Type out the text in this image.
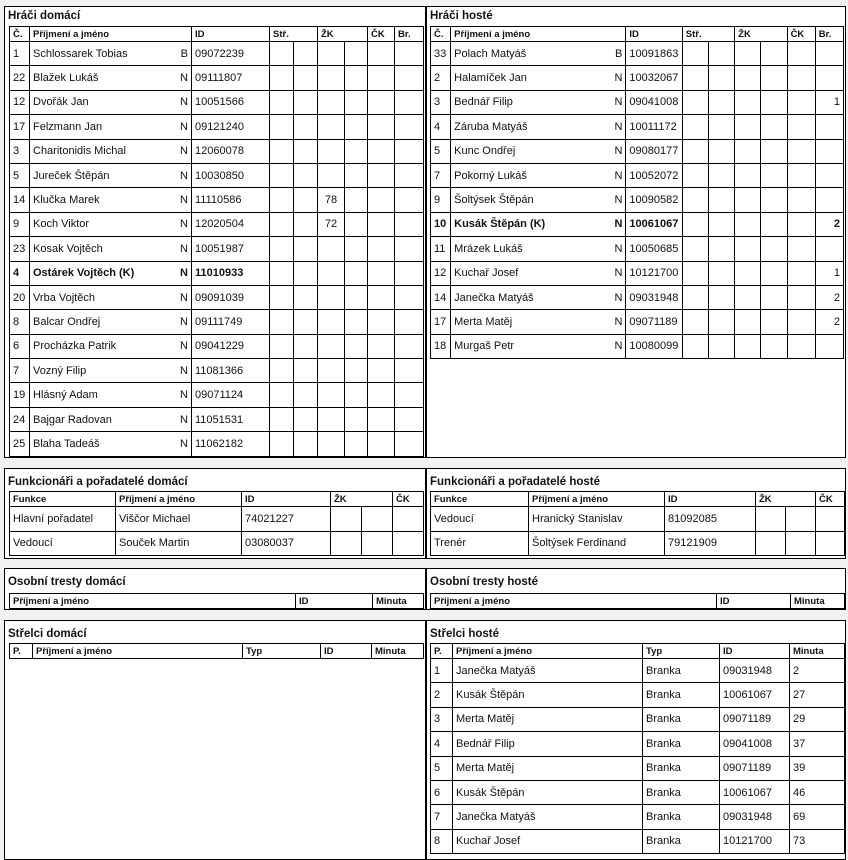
Hráči domácí
Č.	Příjmení a jméno		ID	Stř.		ŽK		ČK	Br.
1	Schlossarek Tobias	B	09072239						
22	Blažek Lukáš	N	09111807						
12	Dvořák Jan	N	10051566						
17	Felzmann Jan	N	09121240						
3	Charitonidis Michal	N	12060078						
5	Jureček Štěpán	N	10030850						
14	Klučka Marek	N	11110586			78			
9	Koch Viktor	N	12020504			72			
23	Kosak Vojtěch	N	10051987						
4	Ostárek Vojtěch (K)	N	11010933						
20	Vrba Vojtěch	N	09091039						
8	Balcar Ondřej	N	09111749						
6	Procházka Patrik	N	09041229						
7	Vozný Filip	N	11081366						
19	Hlásný Adam	N	09071124						
24	Bajgar Radovan	N	11051531						
25	Blaha Tadeáš	N	11062182						
Hráči hosté
Č.	Příjmení a jméno		ID	Stř.		ŽK		ČK	Br.
33	Polach Matyáš	B	10091863						
2	Halamíček Jan	N	10032067						
3	Bednář Filip	N	09041008						1
4	Záruba Matyáš	N	10011172						
5	Kunc Ondřej	N	09080177						
7	Pokorný Lukáš	N	10052072						
9	Šoltýsek Štěpán	N	10090582						
10	Kusák Štěpán (K)	N	10061067						2
11	Mrázek Lukáš	N	10050685						
12	Kuchař Josef	N	10121700						1
14	Janečka Matyáš	N	09031948						2
17	Merta Matěj	N	09071189						2
18	Murgaš Petr	N	10080099						
Funkcionáři a pořadatelé domácí
Funkce	Příjmení a jméno	ID	ŽK		ČK
Hlavní pořadatel	Viščor Michael	74021227			
Vedoucí	Souček Martin	03080037			
Funkcionáři a pořadatelé hosté
Funkce	Příjmení a jméno	ID	ŽK		ČK
Vedoucí	Hranický Stanislav	81092085			
Trenér	Šoltýsek Ferdinand	79121909			
Osobní tresty domácí
Příjmení a jméno	ID	Minuta
Osobní tresty hosté
Příjmení a jméno	ID	Minuta
Střelci domácí
P.	Příjmení a jméno	Typ	ID	Minuta
Střelci hosté
P.	Příjmení a jméno	Typ	ID	Minuta
1	Janečka Matyáš	Branka	09031948	2
2	Kusák Štěpán	Branka	10061067	27
3	Merta Matěj	Branka	09071189	29
4	Bednář Filip	Branka	09041008	37
5	Merta Matěj	Branka	09071189	39
6	Kusák Štěpán	Branka	10061067	46
7	Janečka Matyáš	Branka	09031948	69
8	Kuchař Josef	Branka	10121700	73
